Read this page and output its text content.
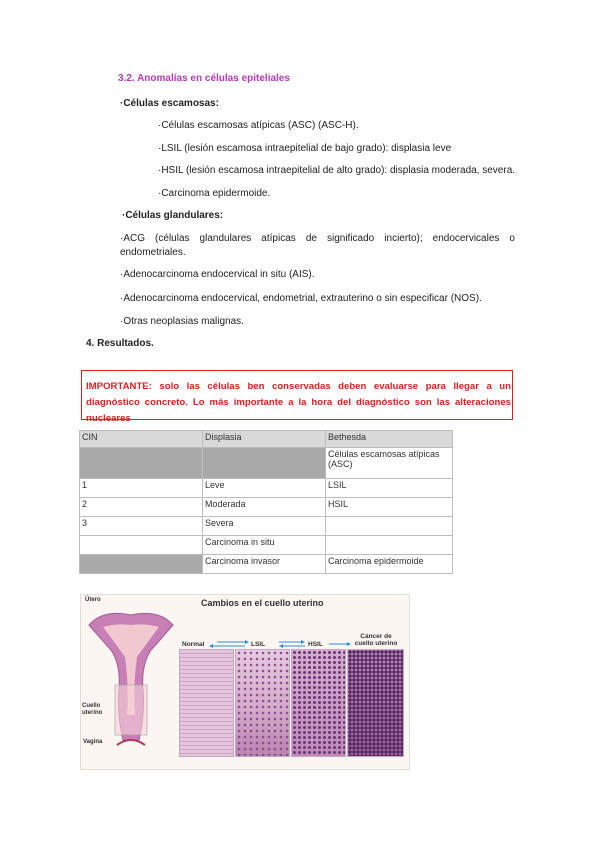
3.2. Anomalías en células epiteliales
·Células escamosas:
·Células escamosas atípicas (ASC) (ASC-H).
·LSIL (lesión escamosa intraepitelial de bajo grado): displasia leve
·HSIL (lesión escamosa intraepitelial de alto grado): displasia moderada, severa.
·Carcinoma epidermoide.
·Células glandulares:
·ACG (células glandulares atípicas de significado incierto); endocervicales o
endometriales.
·Adenocarcinoma endocervical in situ (AIS).
·Adenocarcinoma endocervical, endometrial, extrauterino o sin especificar (NOS).
·Otras neoplasias malignas.
4. Resultados.

IMPORTANTE: solo las células ben conservadas deben evaluarse para llegar a un diagnóstico concreto. Lo más importante a la hora del diagnóstico son las alteraciones nucleares

CIN	Displasia	Bethesda
		Células escamosas atípicas (ASC)
1	Leve	LSIL
2	Moderada	HSIL
3	Severa	
	Carcinoma in situ	
	Carcinoma invasor	Carcinoma epidermoide
Cambios en el cuello uterino
Útero
Cuello uterino
Vagina
Normal	LSIL	HSIL
Cáncer de cuello uterino
